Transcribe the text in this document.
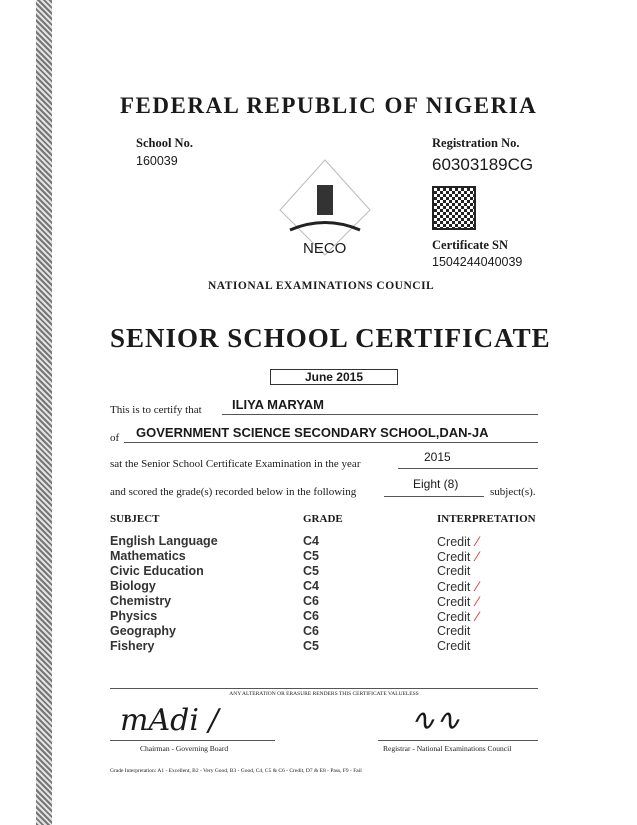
FEDERAL REPUBLIC OF NIGERIA
School No.
160039
Registration No.
60303189CG
Certificate SN
1504244040039
NECO
NATIONAL EXAMINATIONS COUNCIL
SENIOR SCHOOL CERTIFICATE
June 2015
This is to certify that ILIYA MARYAM
of GOVERNMENT SCIENCE SECONDARY SCHOOL,DAN-JA
sat the Senior School Certificate Examination in the year	2015
and scored the grade(s) recorded below in the following
Eight (8)
subject(s).
SUBJECT	GRADE	INTERPRETATION
English Language	C4	Credit ⁄
Mathematics	C5	Credit ⁄
Civic Education	C5	Credit
Biology	C4	Credit ⁄
Chemistry	C6	Credit ⁄
Physics	C6	Credit ⁄
Geography	C6	Credit
Fishery	C5	Credit
ANY ALTERATION OR ERASURE RENDERS THIS CERTIFICATE VALUELESS
mAdi /
Chairman - Governing Board
∿∿
Registrar - National Examinations Council
Grade Interpretation: A1 - Excellent, B2 - Very Good, B3 - Good, C4, C5 & C6 - Credit, D7 & E8 - Pass, F9 - Fail
